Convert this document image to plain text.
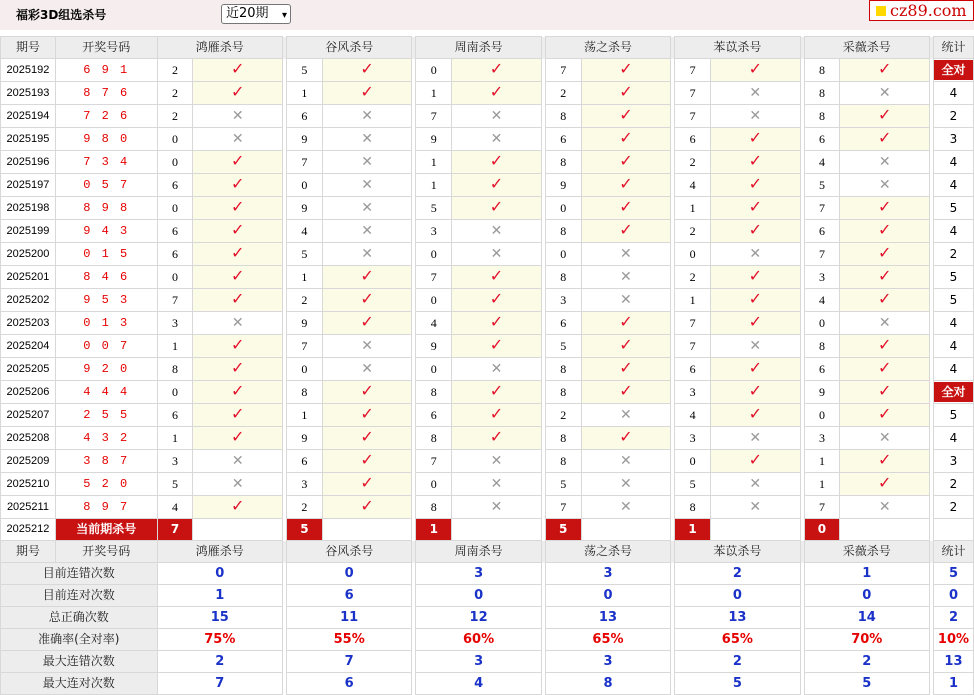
福彩3D组选杀号	近20期 ▾	cz89.com
期号	开奖号码	鸿雁杀号			谷风杀号			周南杀号			荡之杀号			苯苡杀号			采薇杀号			统计
2025192	6 9 1	2	✓		5	✓		0	✓		7	✓		7	✓		8	✓		全对
2025193	8 7 6	2	✓		1	✓		1	✓		2	✓		7	✕		8	✕		4
2025194	7 2 6	2	✕		6	✕		7	✕		8	✓		7	✕		8	✓		2
2025195	9 8 0	0	✕		9	✕		9	✕		6	✓		6	✓		6	✓		3
2025196	7 3 4	0	✓		7	✕		1	✓		8	✓		2	✓		4	✕		4
2025197	0 5 7	6	✓		0	✕		1	✓		9	✓		4	✓		5	✕		4
2025198	8 9 8	0	✓		9	✕		5	✓		0	✓		1	✓		7	✓		5
2025199	9 4 3	6	✓		4	✕		3	✕		8	✓		2	✓		6	✓		4
2025200	0 1 5	6	✓		5	✕		0	✕		0	✕		0	✕		7	✓		2
2025201	8 4 6	0	✓		1	✓		7	✓		8	✕		2	✓		3	✓		5
2025202	9 5 3	7	✓		2	✓		0	✓		3	✕		1	✓		4	✓		5
2025203	0 1 3	3	✕		9	✓		4	✓		6	✓		7	✓		0	✕		4
2025204	0 0 7	1	✓		7	✕		9	✓		5	✓		7	✕		8	✓		4
2025205	9 2 0	8	✓		0	✕		0	✕		8	✓		6	✓		6	✓		4
2025206	4 4 4	0	✓		8	✓		8	✓		8	✓		3	✓		9	✓		全对
2025207	2 5 5	6	✓		1	✓		6	✓		2	✕		4	✓		0	✓		5
2025208	4 3 2	1	✓		9	✓		8	✓		8	✓		3	✕		3	✕		4
2025209	3 8 7	3	✕		6	✓		7	✕		8	✕		0	✓		1	✓		3
2025210	5 2 0	5	✕		3	✓		0	✕		5	✕		5	✕		1	✓		2
2025211	8 9 7	4	✓		2	✓		8	✕		7	✕		8	✕		7	✕		2
2025212	当前期杀号	7			5			1			5			1			0			
期号	开奖号码	鸿雁杀号			谷风杀号			周南杀号			荡之杀号			苯苡杀号			采薇杀号			统计
目前连错次数		0			0			3			3			2			1			5
目前连对次数		1			6			0			0			0			0			0
总正确次数		15			11			12			13			13			14			2
准确率(全对率)		75%			55%			60%			65%			65%			70%			10%
最大连错次数		2			7			3			3			2			2			13
最大连对次数		7			6			4			8			5			5			1
